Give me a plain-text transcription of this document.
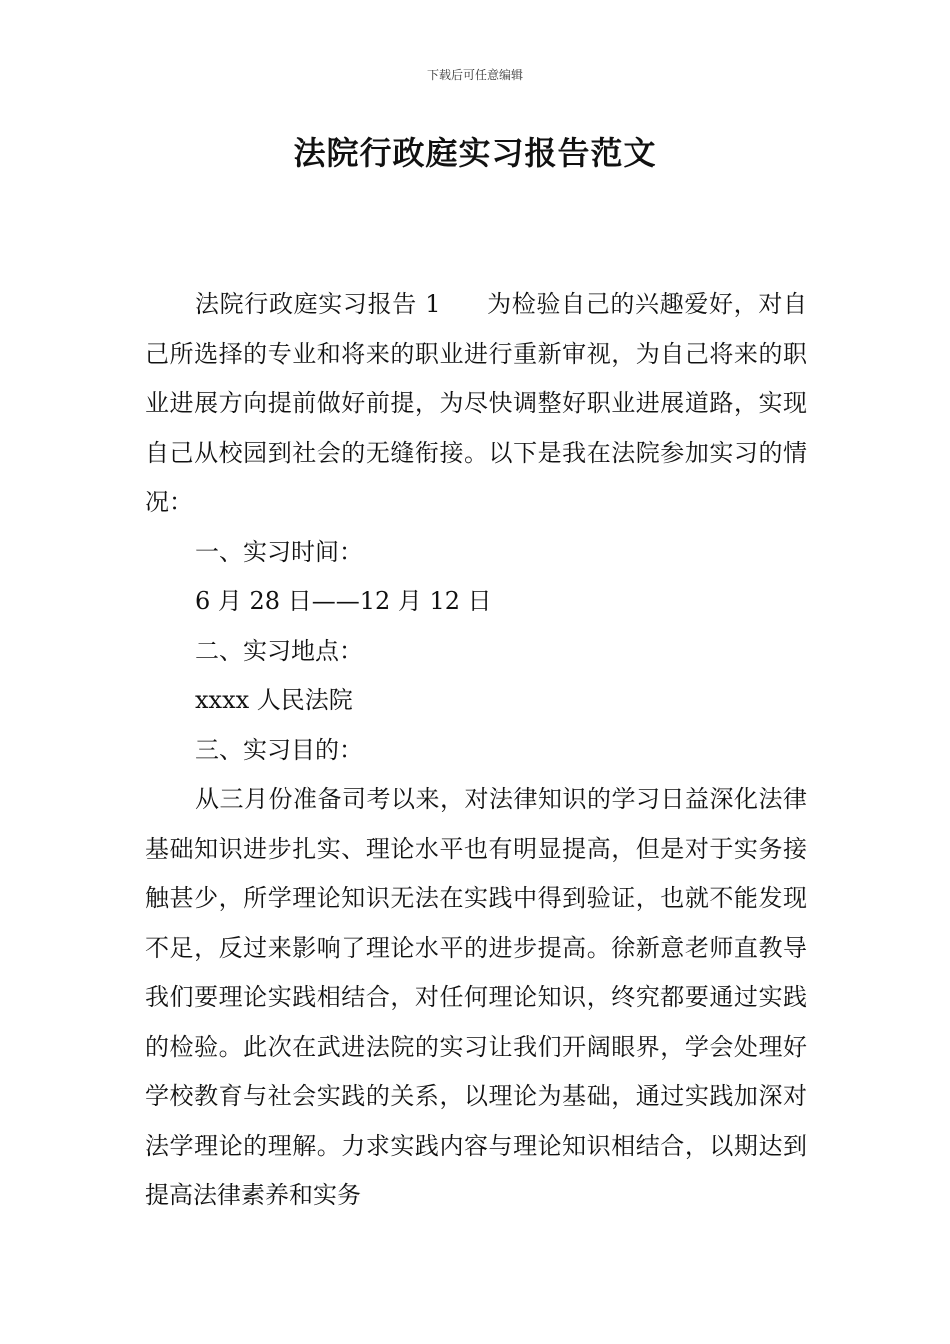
下载后可任意编辑
法院行政庭实习报告范文

法院行政庭实习报告 1 为检验自己的兴趣爱好，对自己所选择的专业和将来的职业进行重新审视，为自己将来的职业进展方向提前做好前提，为尽快调整好职业进展道路，实现自己从校园到社会的无缝衔接。以下是我在法院参加实习的情况：

一、实习时间：

6 月 28 日——12 月 12 日

二、实习地点：

xxxx 人民法院

三、实习目的：

从三月份准备司考以来，对法律知识的学习日益深化法律基础知识进步扎实、理论水平也有明显提高，但是对于实务接触甚少，所学理论知识无法在实践中得到验证，也就不能发现不足，反过来影响了理论水平的进步提高。徐新意老师直教导我们要理论实践相结合，对任何理论知识，终究都要通过实践的检验。此次在武进法院的实习让我们开阔眼界，学会处理好学校教育与社会实践的关系，以理论为基础，通过实践加深对法学理论的理解。力求实践内容与理论知识相结合，以期达到提高法律素养和实务
